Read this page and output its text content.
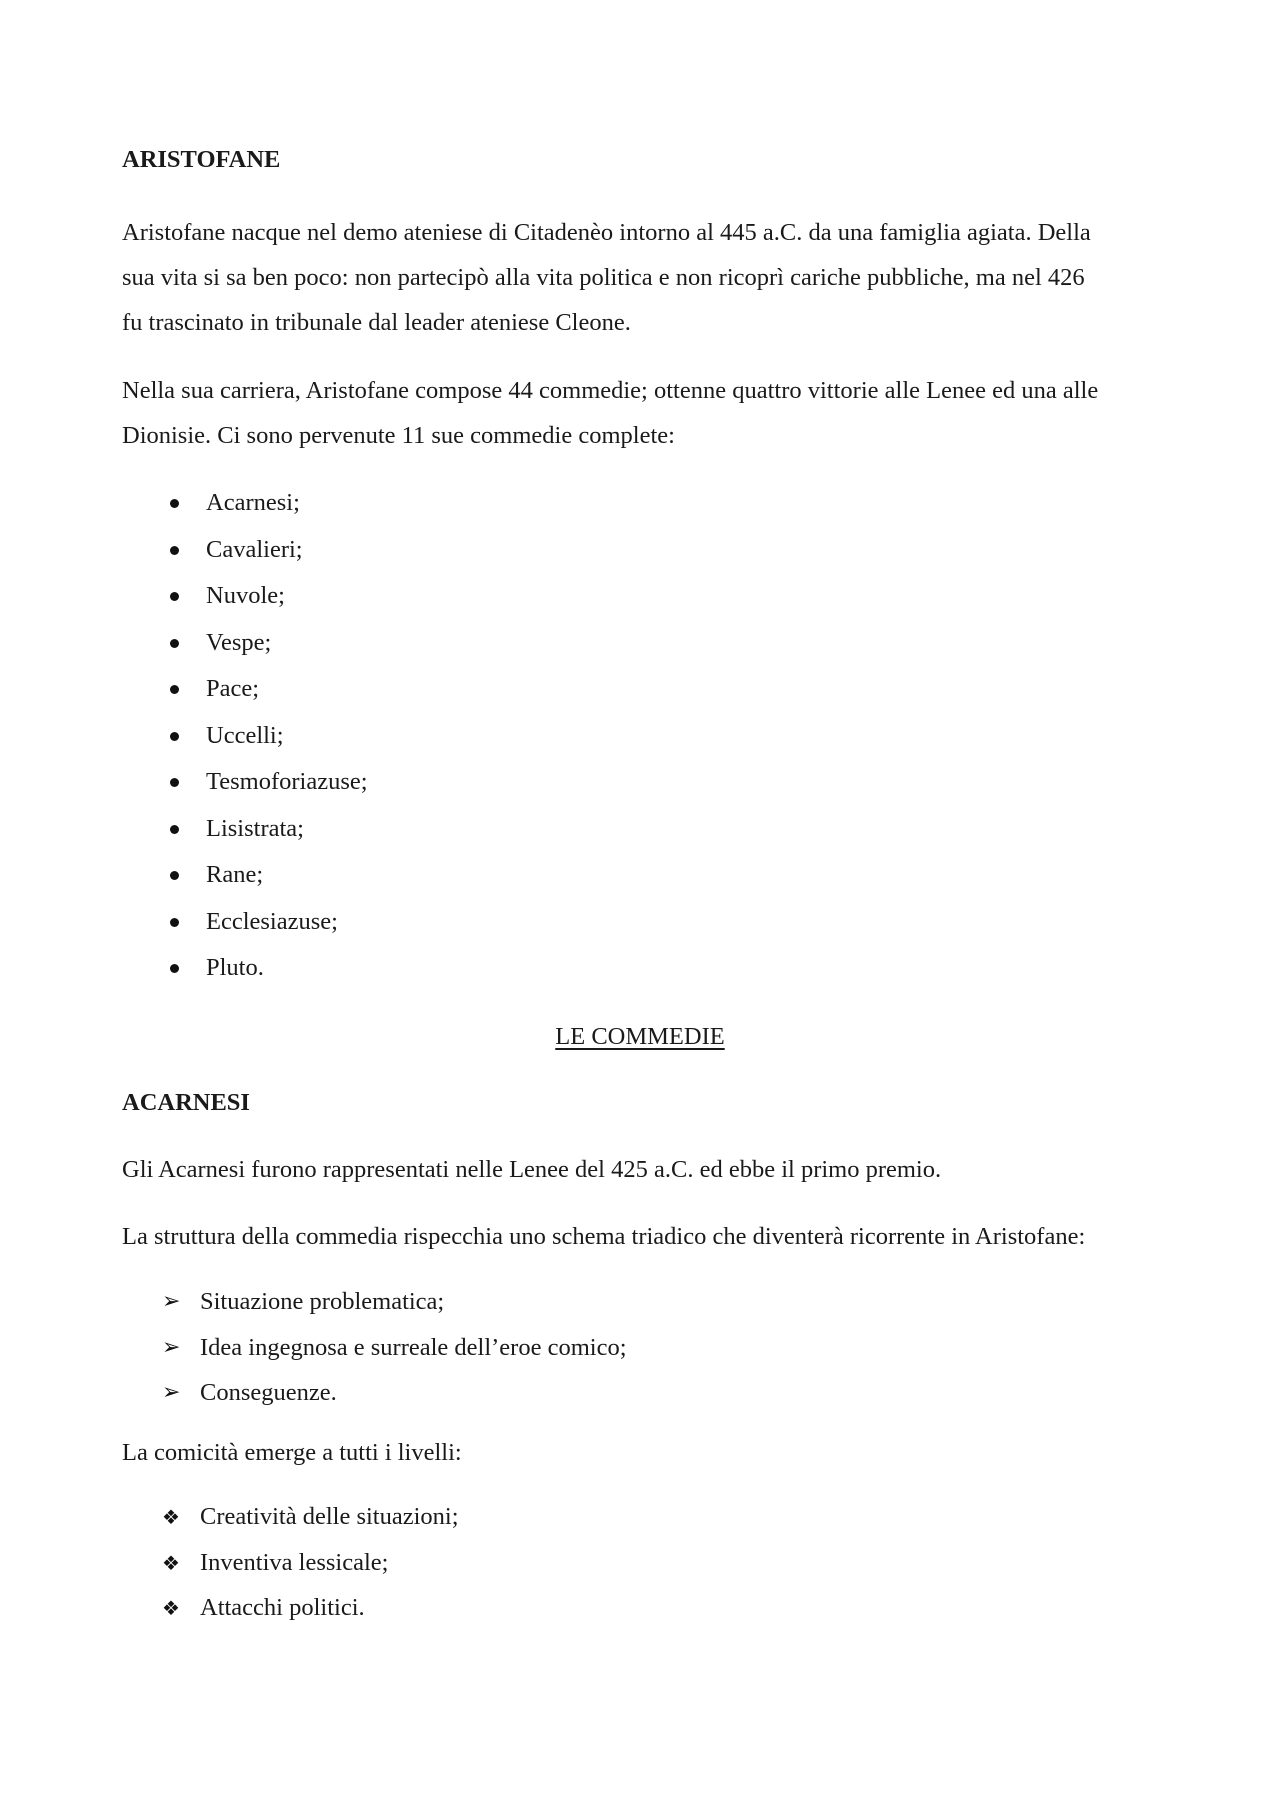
ARISTOFANE

Aristofane nacque nel demo ateniese di Citadenèo intorno al 445 a.C. da una famiglia agiata. Della
sua vita si sa ben poco: non partecipò alla vita politica e non ricoprì cariche pubbliche, ma nel 426
fu trascinato in tribunale dal leader ateniese Cleone.

Nella sua carriera, Aristofane compose 44 commedie; ottenne quattro vittorie alle Lenee ed una alle
Dionisie. Ci sono pervenute 11 sue commedie complete:

Acarnesi;
Cavalieri;
Nuvole;
Vespe;
Pace;
Uccelli;
Tesmoforiazuse;
Lisistrata;
Rane;
Ecclesiazuse;
Pluto.

LE COMMEDIE

ACARNESI

Gli Acarnesi furono rappresentati nelle Lenee del 425 a.C. ed ebbe il primo premio.

La struttura della commedia rispecchia uno schema triadico che diventerà ricorrente in Aristofane:

➢ Situazione problematica;
➢ Idea ingegnosa e surreale dell’eroe comico;
➢ Conseguenze.

La comicità emerge a tutti i livelli:

❖ Creatività delle situazioni;
❖ Inventiva lessicale;
❖ Attacchi politici.
